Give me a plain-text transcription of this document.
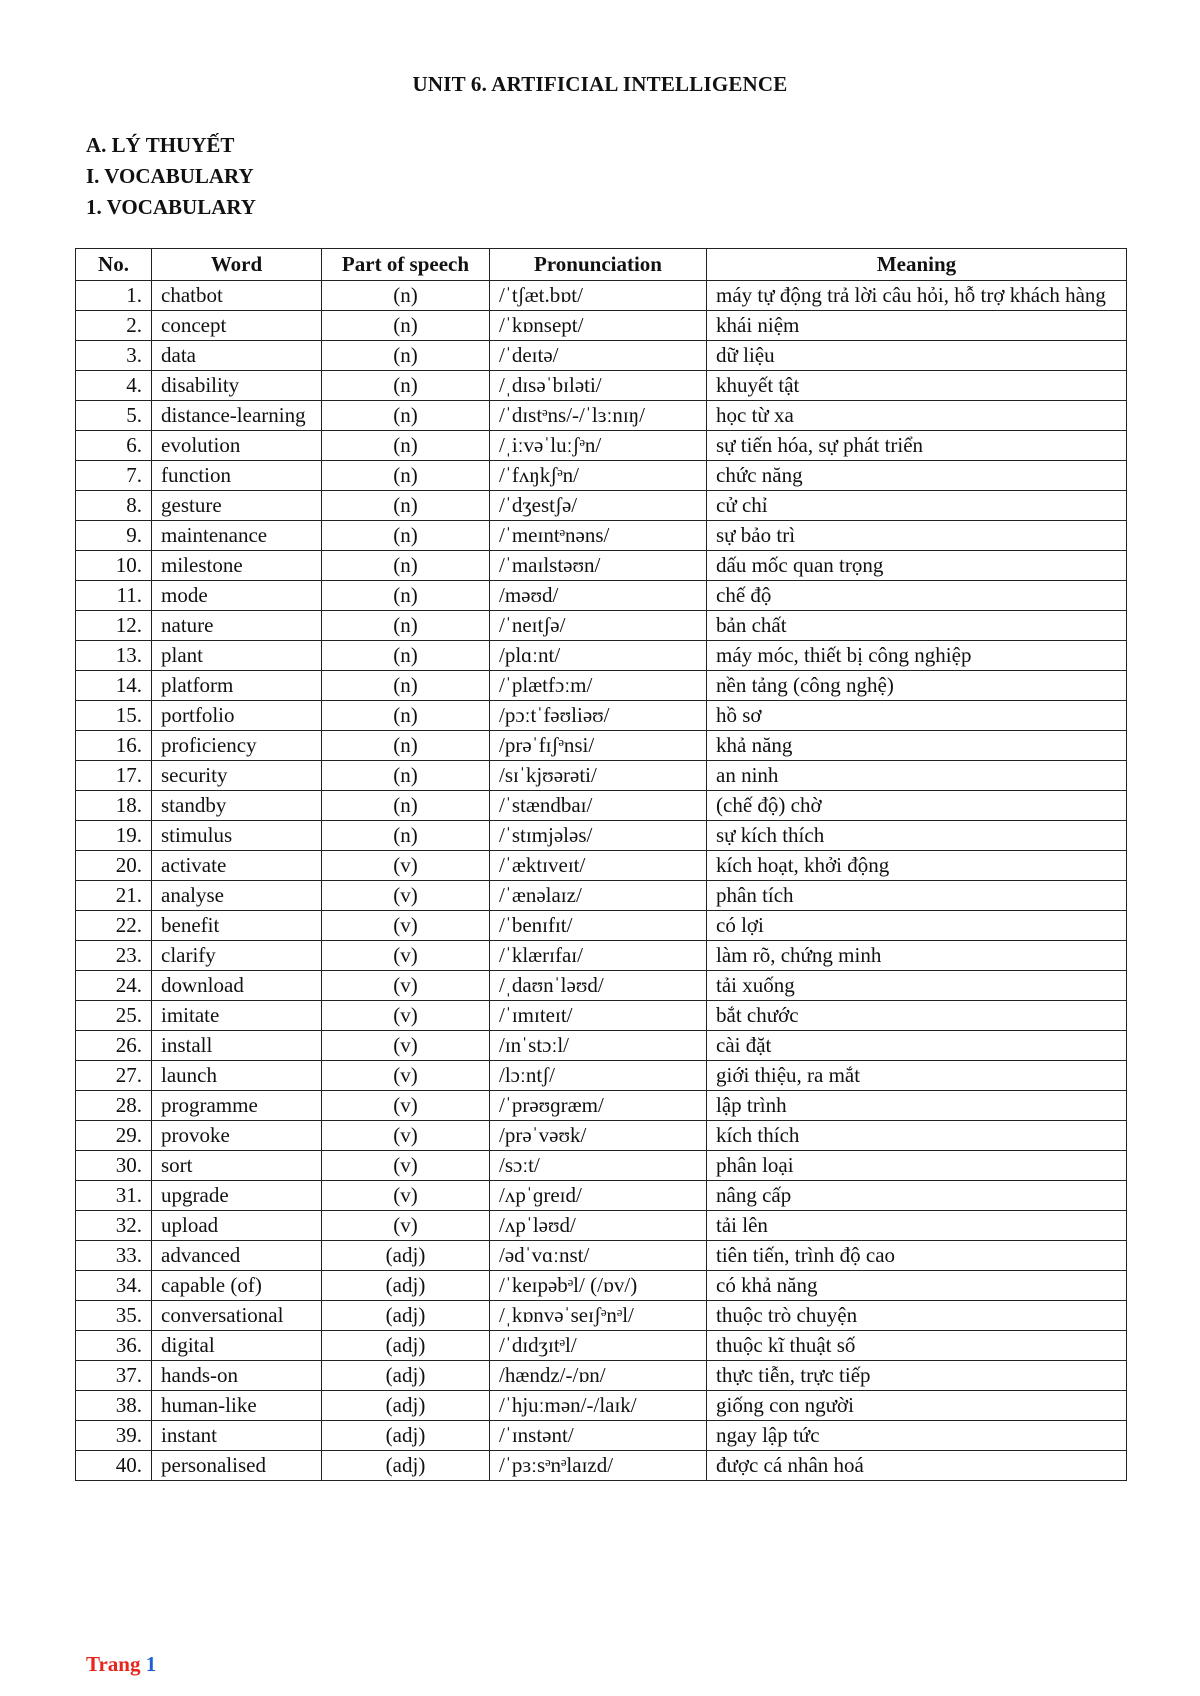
UNIT 6. ARTIFICIAL INTELLIGENCE
A. LÝ THUYẾT
I. VOCABULARY
1. VOCABULARY
No.	Word	Part of speech	Pronunciation	Meaning
1.	chatbot	(n)	/ˈtʃæt.bɒt/	máy tự động trả lời câu hỏi, hỗ trợ khách hàng
2.	concept	(n)	/ˈkɒnsept/	khái niệm
3.	data	(n)	/ˈdeɪtə/	dữ liệu
4.	disability	(n)	/ˌdɪsəˈbɪləti/	khuyết tật
5.	distance-learning	(n)	/ˈdɪstᵊns/-/ˈlɜːnɪŋ/	học từ xa
6.	evolution	(n)	/ˌiːvəˈluːʃᵊn/	sự tiến hóa, sự phát triển
7.	function	(n)	/ˈfʌŋkʃᵊn/	chức năng
8.	gesture	(n)	/ˈdʒestʃə/	cử chỉ
9.	maintenance	(n)	/ˈmeɪntᵊnəns/	sự bảo trì
10.	milestone	(n)	/ˈmaɪlstəʊn/	dấu mốc quan trọng
11.	mode	(n)	/məʊd/	chế độ
12.	nature	(n)	/ˈneɪtʃə/	bản chất
13.	plant	(n)	/plɑːnt/	máy móc, thiết bị công nghiệp
14.	platform	(n)	/ˈplætfɔːm/	nền tảng (công nghệ)
15.	portfolio	(n)	/pɔːtˈfəʊliəʊ/	hồ sơ
16.	proficiency	(n)	/prəˈfɪʃᵊnsi/	khả năng
17.	security	(n)	/sɪˈkjʊərəti/	an ninh
18.	standby	(n)	/ˈstændbaɪ/	(chế độ) chờ
19.	stimulus	(n)	/ˈstɪmjələs/	sự kích thích
20.	activate	(v)	/ˈæktɪveɪt/	kích hoạt, khởi động
21.	analyse	(v)	/ˈænəlaɪz/	phân tích
22.	benefit	(v)	/ˈbenɪfɪt/	có lợi
23.	clarify	(v)	/ˈklærɪfaɪ/	làm rõ, chứng minh
24.	download	(v)	/ˌdaʊnˈləʊd/	tải xuống
25.	imitate	(v)	/ˈɪmɪteɪt/	bắt chước
26.	install	(v)	/ɪnˈstɔːl/	cài đặt
27.	launch	(v)	/lɔːntʃ/	giới thiệu, ra mắt
28.	programme	(v)	/ˈprəʊɡræm/	lập trình
29.	provoke	(v)	/prəˈvəʊk/	kích thích
30.	sort	(v)	/sɔːt/	phân loại
31.	upgrade	(v)	/ʌpˈɡreɪd/	nâng cấp
32.	upload	(v)	/ʌpˈləʊd/	tải lên
33.	advanced	(adj)	/ədˈvɑːnst/	tiên tiến, trình độ cao
34.	capable (of)	(adj)	/ˈkeɪpəbᵊl/ (/ɒv/)	có khả năng
35.	conversational	(adj)	/ˌkɒnvəˈseɪʃᵊnᵊl/	thuộc trò chuyện
36.	digital	(adj)	/ˈdɪdʒɪtᵊl/	thuộc kĩ thuật số
37.	hands-on	(adj)	/hændz/-/ɒn/	thực tiễn, trực tiếp
38.	human-like	(adj)	/ˈhjuːmən/-/laɪk/	giống con người
39.	instant	(adj)	/ˈɪnstənt/	ngay lập tức
40.	personalised	(adj)	/ˈpɜːsᵊnᵊlaɪzd/	được cá nhân hoá
Trang 1
